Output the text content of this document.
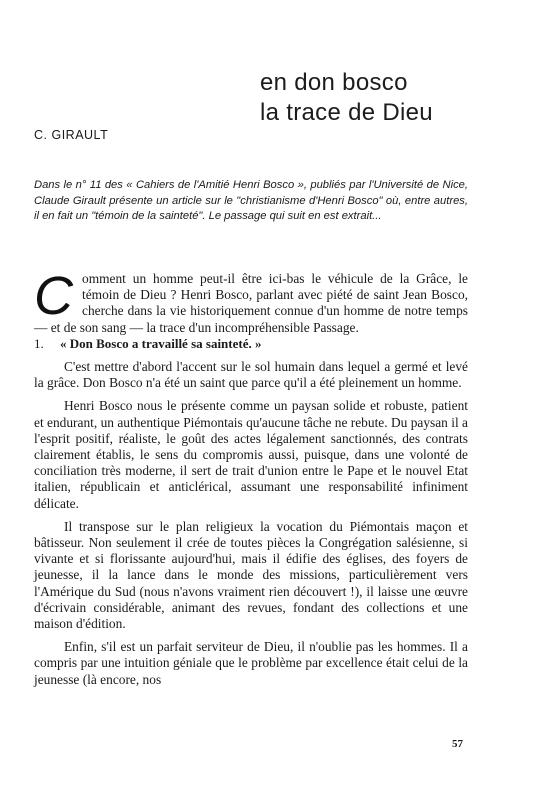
en don bosco
la trace de Dieu
C. GIRAULT
Dans le n° 11 des « Cahiers de l'Amitié Henri Bosco », publiés par l'Université de Nice, Claude Girault présente un article sur le "christianisme d'Henri Bosco" où, entre autres, il en fait un "témoin de la sainteté". Le passage qui suit en est extrait...
C omment un homme peut-il être ici-bas le véhicule de la Grâce, le témoin de Dieu ? Henri Bosco, parlant avec piété de saint Jean Bosco, cherche dans la vie historiquement connue d'un homme de notre temps — et de son sang — la trace d'un incompréhensible Passage.

1. « Don Bosco a travaillé sa sainteté. »

C'est mettre d'abord l'accent sur le sol humain dans lequel a germé et levé la grâce. Don Bosco n'a été un saint que parce qu'il a été pleinement un homme.

Henri Bosco nous le présente comme un paysan solide et robuste, patient et endurant, un authentique Piémontais qu'aucune tâche ne rebute. Du paysan il a l'esprit positif, réaliste, le goût des actes légalement sanctionnés, des contrats clairement établis, le sens du compromis aussi, puisque, dans une volonté de conciliation très moderne, il sert de trait d'union entre le Pape et le nouvel Etat italien, républicain et anticlérical, assumant une responsabilité infiniment délicate.

Il transpose sur le plan religieux la vocation du Piémontais maçon et bâtisseur. Non seulement il crée de toutes pièces la Congrégation salésienne, si vivante et si florissante aujourd'hui, mais il édifie des églises, des foyers de jeunesse, il la lance dans le monde des missions, particulièrement vers l'Amérique du Sud (nous n'avons vraiment rien découvert !), il laisse une œuvre d'écrivain considérable, animant des revues, fondant des collections et une maison d'édition.

Enfin, s'il est un parfait serviteur de Dieu, il n'oublie pas les hommes. Il a compris par une intuition géniale que le problème par excellence était celui de la jeunesse (là encore, nos

57
